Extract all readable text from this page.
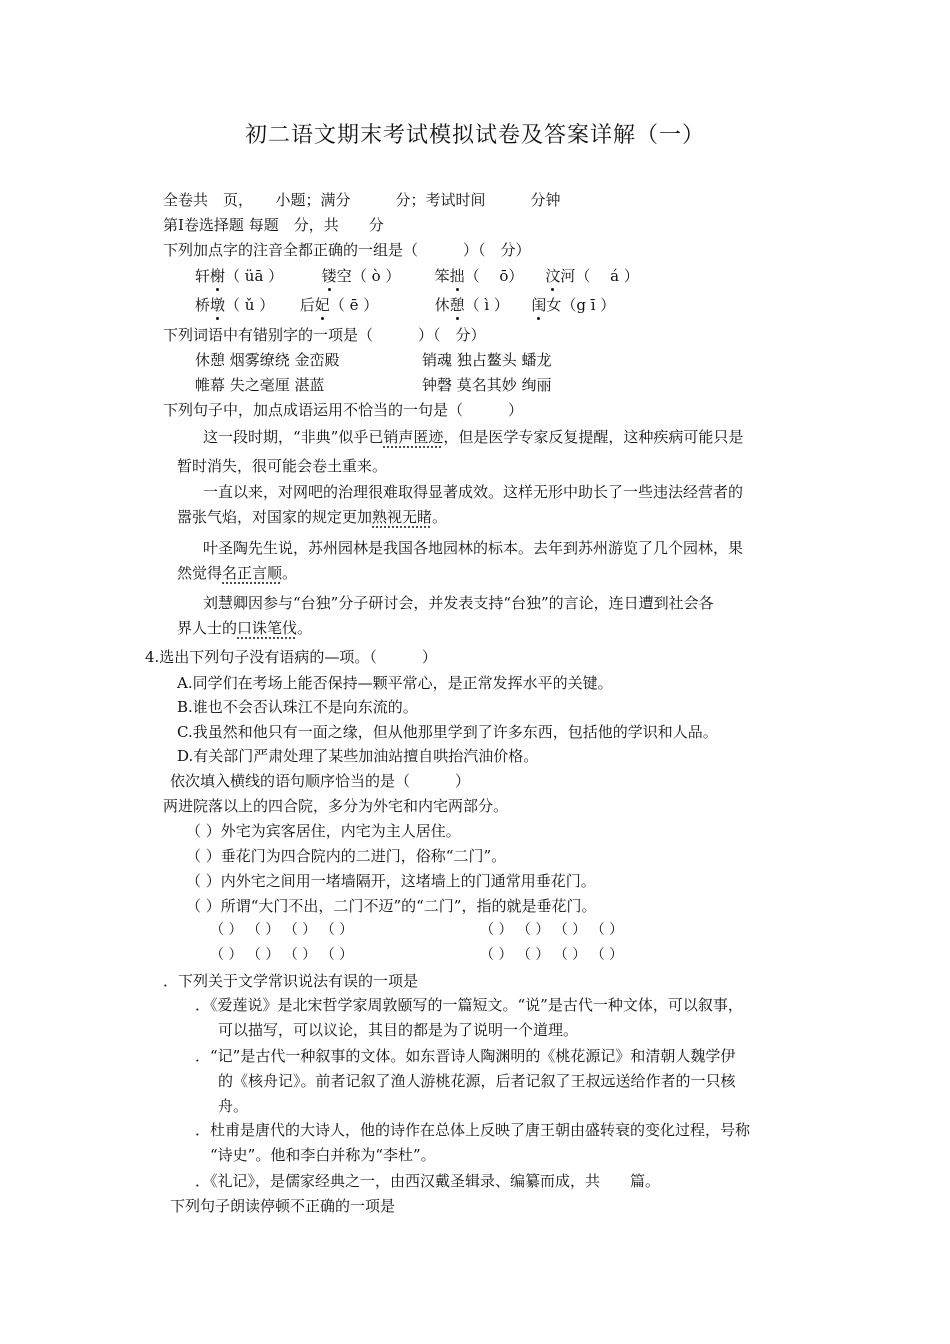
初二语文期末考试模拟试卷及答案详解（一）
全卷共　页，　　小题；满分　　　分；考试时间　　　分钟
第Ⅰ卷选择题 每题　分，共　　分
下列加点字的注音全都正确的一组是（　　　）（　分）
轩榭（ üā ）	镂空（ ò ） 笨拙（　 ō） 汶河（　 á ）
桥墩（ ǔ ） 后妃（ ē ）	休憩（ ì ） 闺女（g ī ）
下列词语中有错别字的一项是（　　　）（　分）
休憩 烟雾缭绕 金峦殿	销魂 独占鳌头 蟠龙
帷幕 失之毫厘 湛蓝	钟磬 莫名其妙 绚丽
下列句子中，加点成语运用不恰当的一句是（　　　）
这一段时期，“非典”似乎已销声匿迹，但是医学专家反复提醒，这种疾病可能只是
暂时消失，很可能会卷土重来。
一直以来，对网吧的治理很难取得显著成效。这样无形中助长了一些违法经营者的
嚣张气焰，对国家的规定更加熟视无睹。
叶圣陶先生说，苏州园林是我国各地园林的标本。去年到苏州游览了几个园林，果
然觉得名正言顺。
刘慧卿因参与“台独”分子研讨会，并发表支持“台独”的言论，连日遭到社会各
界人士的口诛笔伐。
4.选出下列句子没有语病的—项。（　　　）
A.同学们在考场上能否保持—颗平常心，是正常发挥水平的关键。
B.谁也不会否认珠江不是向东流的。
C.我虽然和他只有一面之缘，但从他那里学到了许多东西，包括他的学识和人品。
D.有关部门严肃处理了某些加油站擅自哄抬汽油价格。
依次填入横线的语句顺序恰当的是（　　　）
两进院落以上的四合院，多分为外宅和内宅两部分。
（ ）外宅为宾客居住，内宅为主人居住。
（ ）垂花门为四合院内的二进门，俗称“二门”。
（ ）内外宅之间用一堵墙隔开，这堵墙上的门通常用垂花门。
（ ）所谓“大门不出，二门不迈”的“二门”，指的就是垂花门。
（ ） （ ） （ ） （ ）	（ ） （ ） （ ） （ ）
（ ） （ ） （ ） （ ）	（ ） （ ） （ ） （ ）
．下列关于文学常识说法有误的一项是
．《爱莲说》是北宋哲学家周敦颐写的一篇短文。“说”是古代一种文体，可以叙事，
可以描写，可以议论，其目的都是为了说明一个道理。
．“记”是古代一种叙事的文体。如东晋诗人陶渊明的《桃花源记》和清朝人魏学伊
的《核舟记》。前者记叙了渔人游桃花源，后者记叙了王叔远送给作者的一只核
舟。
．杜甫是唐代的大诗人，他的诗作在总体上反映了唐王朝由盛转衰的变化过程，号称
“诗史”。他和李白并称为“李杜”。
．《礼记》，是儒家经典之一，由西汉戴圣辑录、编纂而成，共　　篇。
下列句子朗读停顿不正确的一项是
